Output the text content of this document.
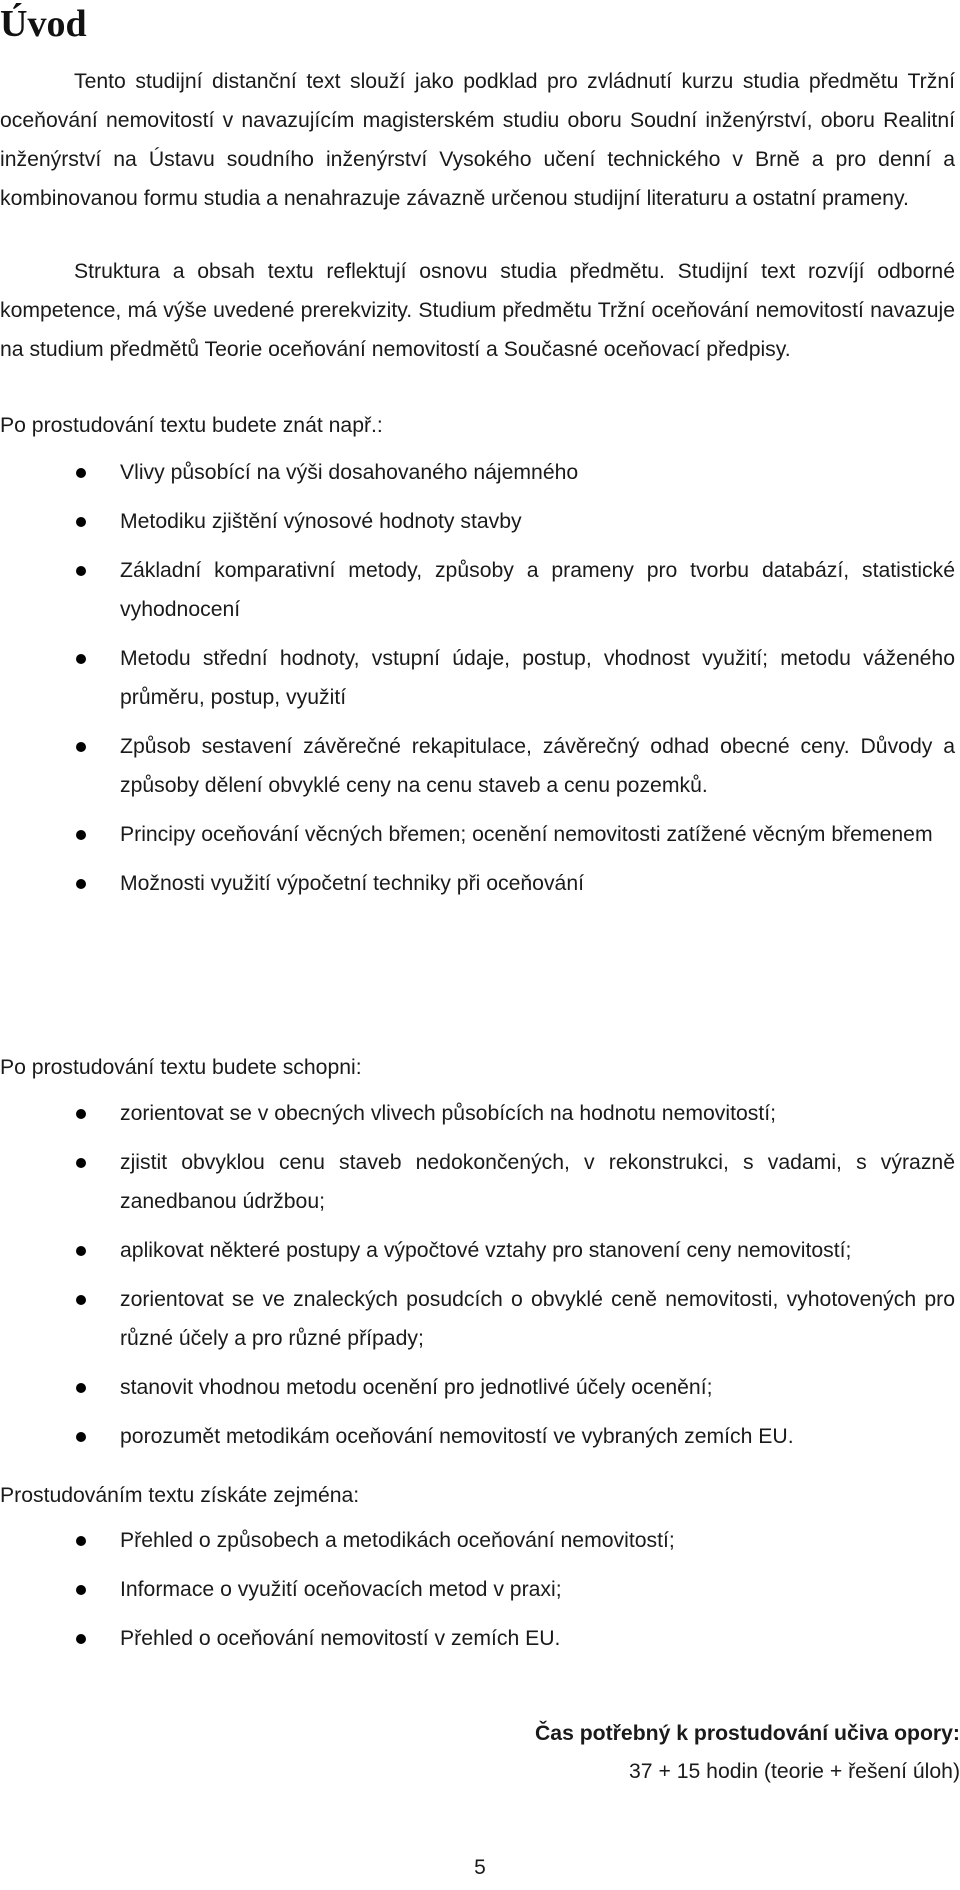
Úvod

Tento studijní distanční text slouží jako podklad pro zvládnutí kurzu studia předmětu Tržní oceňování nemovitostí v navazujícím magisterském studiu oboru Soudní inženýrství, oboru Realitní inženýrství na Ústavu soudního inženýrství Vysokého učení technického v Brně a pro denní a kombinovanou formu studia a nenahrazuje závazně určenou studijní literaturu a ostatní prameny.

Struktura a obsah textu reflektují osnovu studia předmětu. Studijní text rozvíjí odborné kompetence, má výše uvedené prerekvizity. Studium předmětu Tržní oceňování nemovitostí navazuje na studium předmětů Teorie oceňování nemovitostí a Současné oceňovací předpisy.

Po prostudování textu budete znát např.:

Vlivy působící na výši dosahovaného nájemného
Metodiku zjištění výnosové hodnoty stavby
Základní komparativní metody, způsoby a prameny pro tvorbu databází, statistické vyhodnocení
Metodu střední hodnoty, vstupní údaje, postup, vhodnost využití; metodu váženého průměru, postup, využití
Způsob sestavení závěrečné rekapitulace, závěrečný odhad obecné ceny. Důvody a způsoby dělení obvyklé ceny na cenu staveb a cenu pozemků.
Principy oceňování věcných břemen; ocenění nemovitosti zatížené věcným břemenem
Možnosti využití výpočetní techniky při oceňování

Po prostudování textu budete schopni:

zorientovat se v obecných vlivech působících na hodnotu nemovitostí;
zjistit obvyklou cenu staveb nedokončených, v rekonstrukci, s vadami, s výrazně zanedbanou údržbou;
aplikovat některé postupy a výpočtové vztahy pro stanovení ceny nemovitostí;
zorientovat se ve znaleckých posudcích o obvyklé ceně nemovitosti, vyhotovených pro různé účely a pro různé případy;
stanovit vhodnou metodu ocenění pro jednotlivé účely ocenění;
porozumět metodikám oceňování nemovitostí ve vybraných zemích EU.

Prostudováním textu získáte zejména:

Přehled o způsobech a metodikách oceňování nemovitostí;
Informace o využití oceňovacích metod v praxi;
Přehled o oceňování nemovitostí v zemích EU.
Čas potřebný k prostudování učiva opory:
37 + 15 hodin (teorie + řešení úloh)
5
